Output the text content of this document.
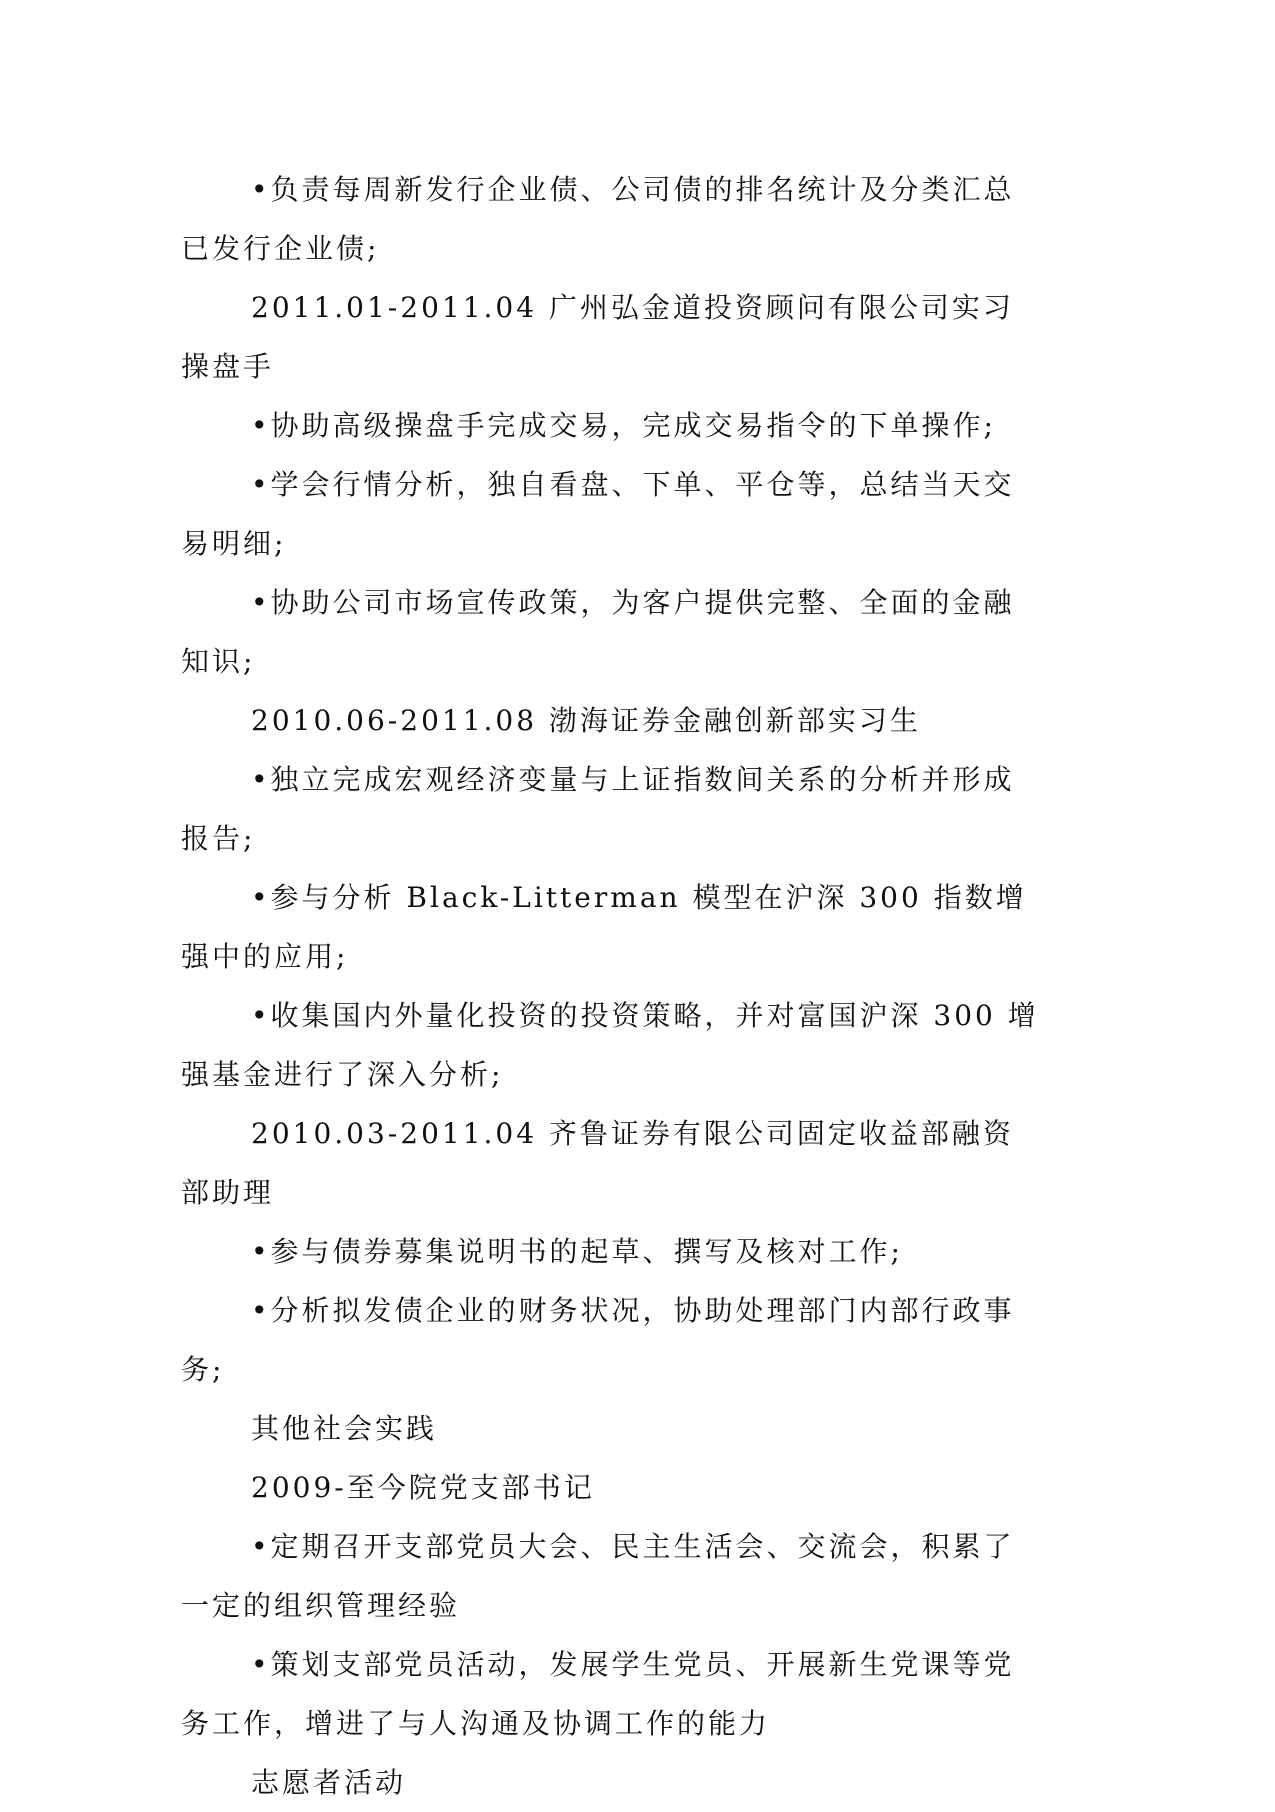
•负责每周新发行企业债、公司债的排名统计及分类汇总已发行企业债;

2011.01-2011.04 广州弘金道投资顾问有限公司实习操盘手

•协助高级操盘手完成交易，完成交易指令的下单操作;

•学会行情分析，独自看盘、下单、平仓等，总结当天交易明细;

•协助公司市场宣传政策，为客户提供完整、全面的金融知识;

2010.06-2011.08 渤海证券金融创新部实习生

•独立完成宏观经济变量与上证指数间关系的分析并形成报告;

•参与分析 Black-Litterman 模型在沪深 300 指数增强中的应用;

•收集国内外量化投资的投资策略，并对富国沪深 300 增强基金进行了深入分析;

2010.03-2011.04 齐鲁证券有限公司固定收益部融资部助理

•参与债券募集说明书的起草、撰写及核对工作;

•分析拟发债企业的财务状况，协助处理部门内部行政事务;

其他社会实践

2009-至今院党支部书记

•定期召开支部党员大会、民主生活会、交流会，积累了一定的组织管理经验

•策划支部党员活动，发展学生党员、开展新生党课等党务工作，增进了与人沟通及协调工作的能力

志愿者活动
